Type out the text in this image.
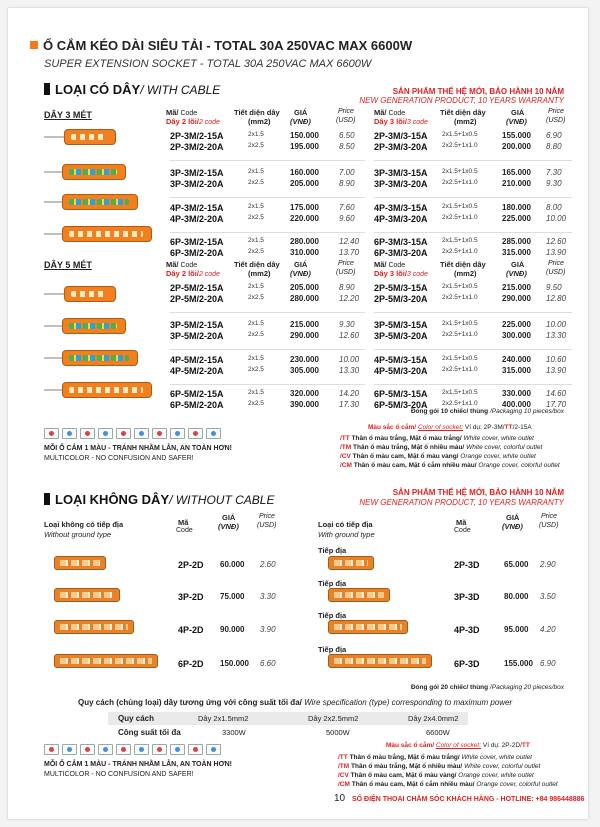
Ổ CẮM KÉO DÀI SIÊU TẢI - TOTAL 30A 250VAC MAX 6600W
SUPER EXTENSION SOCKET - TOTAL 30A 250VAC MAX 6600W
LOẠI CÓ DÂY/ WITH CABLE	SẢN PHẨM THẾ HỆ MỚI, BẢO HÀNH 10 NĂM
NEW GENERATION PRODUCT, 10 YEARS WARRANTY
DÂY 3 MÉT
DÂY 5 MÉT
Mã/ Code
Dây 2 lõi/2 code
Tiết diện dây
(mm2)
GIÁ
(VNĐ)
Price
(USD)
Mã/ Code
Dây 3 lõi/3 code
Tiết diện dây
(mm2)
GIÁ
(VNĐ)
Price
(USD)
Mã/ Code
Dây 2 lõi/2 code
Tiết diện dây
(mm2)
GIÁ
(VNĐ)
Price
(USD)
Mã/ Code
Dây 3 lõi/3 code
Tiết diện dây
(mm2)
GIÁ
(VNĐ)
Price
(USD)
2P-3M/2-15A	2x1.5	150.000	6.50
2P-3M/2-20A	2x2.5	195.000	8.50
3P-3M/2-15A	2x1.5	160.000	7.00
3P-3M/2-20A	2x2.5	205.000	8.90
4P-3M/2-15A	2x1.5	175.000	7.60
4P-3M/2-20A	2x2.5	220.000	9.60
6P-3M/2-15A	2x1.5	280.000	12.40
6P-3M/2-20A	2x2.5	310.000	13.70
2P-3M/3-15A 2x1.5+1x0.5	155.000 6.90
2P-3M/3-20A 2x2.5+1x1.0	200.000 8.80
3P-3M/3-15A 2x1.5+1x0.5	165.000 7.30
3P-3M/3-20A 2x2.5+1x1.0	210.000 9.30
4P-3M/3-15A 2x1.5+1x0.5	180.000 8.00
4P-3M/3-20A 2x2.5+1x1.0	225.000 10.00
6P-3M/3-15A 2x1.5+1x0.5	285.000 12.60
6P-3M/3-20A 2x2.5+1x1.0	315.000 13.90
2P-5M/2-15A	2x1.5	205.000	8.90
2P-5M/2-20A	2x2.5	280.000	12.20
3P-5M/2-15A	2x1.5	215.000	9.30
3P-5M/2-20A	2x2.5	290.000	12.60
4P-5M/2-15A	2x1.5	230.000	10.00
4P-5M/2-20A	2x2.5	305.000	13.30
6P-5M/2-15A	2x1.5	320.000	14.20
6P-5M/2-20A	2x2.5	390.000	17.30
2P-5M/3-15A 2x1.5+1x0.5	215.000 9.50
2P-5M/3-20A 2x2.5+1x1.0	290.000 12.80
3P-5M/3-15A 2x1.5+1x0.5	225.000 10.00
3P-5M/3-20A 2x2.5+1x1.0	300.000 13.30
4P-5M/3-15A 2x1.5+1x0.5	240.000 10.60
4P-5M/3-20A 2x2.5+1x1.0	315.000 13.90
6P-5M/3-15A 2x1.5+1x0.5	330.000 14.60
6P-5M/3-20A 2x2.5+1x1.0	400.000 17.70
Đóng gói 10 chiếc/ thùng /Packaging 10 pieces/box
MỖI Ổ CẮM 1 MÀU - TRÁNH NHẦM LẪN, AN TOÀN HƠN!
MULTICOLOR - NO CONFUSION AND SAFER!
Màu sắc ổ cắm/ Color of socket: Ví dụ: 2P-3M/TT/2-15A
/TT Thân ổ màu trắng, Mặt ổ màu trắng/ White cover, white outlet
/TM Thân ổ màu trắng, Mặt ổ nhiều màu/ White cover, colorful outlet
/CV Thân ổ màu cam, Mặt ổ màu vàng/ Orange cover, white outlet
/CM Thân ổ màu cam, Mặt ổ cắm nhiều màu/ Orange cover, colorful outlet
LOẠI KHÔNG DÂY/ WITHOUT CABLE
SẢN PHẨM THẾ HỆ MỚI, BẢO HÀNH 10 NĂM
NEW GENERATION PRODUCT, 10 YEARS WARRANTY
Loại không có tiếp địa
Without ground type
Loại có tiếp địa
With ground type
Mã
Code
GIÁ
(VNĐ)
Price
(USD)	Mã
Code
GIÁ
(VNĐ)
Price
(USD)
Tiếp địa
Tiếp địa
Tiếp địa
Tiếp địa
2P-2D 60.000 2.60
3P-2D 75.000 3.30
4P-2D 90.000 3.90
6P-2D 150.000 6.60
2P-3D	65.000 2.90
3P-3D	80.000 3.50
4P-3D	95.000 4.20
6P-3D	155.000 6.90
Đóng gói 20 chiếc/ thùng /Packaging 20 pieces/box
Quy cách (chủng loại) dây tương ứng với công suất tối đa/ Wire specification (type) corresponding to maximum power
Quy cách	Dây 2x1.5mm2	Dây 2x2.5mm2	Dây 2x4.0mm2
Công suất tối đa	3300W	5000W	6600W
MỖI Ổ CẮM 1 MÀU - TRÁNH NHẦM LẪN, AN TOÀN HƠN!
MULTICOLOR - NO CONFUSION AND SAFER!
Màu sắc ổ cắm/ Color of socket: Ví dụ: 2P-2D/TT
/TT Thân ổ màu trắng, Mặt ổ màu trắng/ White cover, white outlet
/TM Thân ổ màu trắng, Mặt ổ nhiều màu/ White cover, colorful outlet
/CV Thân ổ màu cam, Mặt ổ màu vàng/ Orange cover, white outlet
/CM Thân ổ màu cam, Mặt ổ cắm nhiều màu/ Orange cover, colorful outlet
10 SỐ ĐIỆN THOẠI CHĂM SÓC KHÁCH HÀNG - HOTLINE: +84 986448886
